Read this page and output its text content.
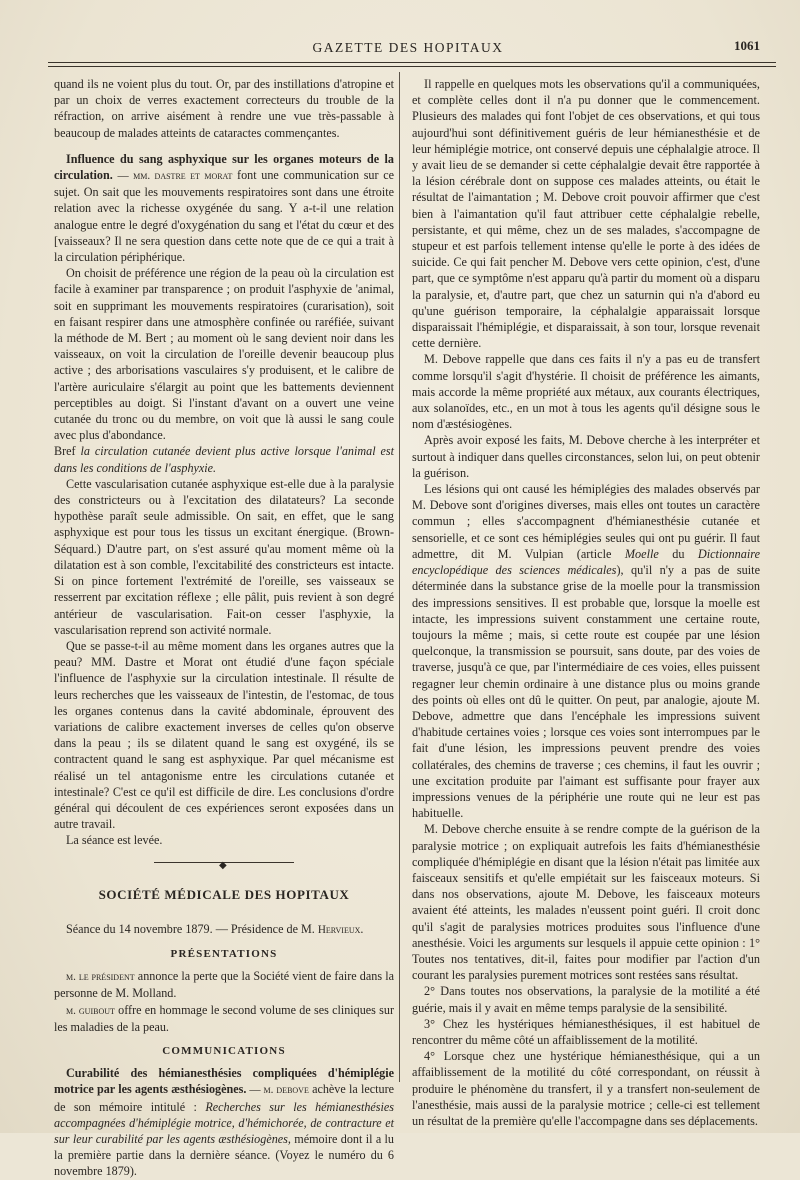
GAZETTE DES HOPITAUX	1061

quand ils ne voient plus du tout. Or, par des instillations d'atropine et par un choix de verres exactement correcteurs du trouble de la réfraction, on arrive aisément à rendre une vue très-passable à beaucoup de malades atteints de cataractes commençantes.

Influence du sang asphyxique sur les organes moteurs de la circulation. — mm. dastre et morat font une communication sur ce sujet. On sait que les mouvements respiratoires sont dans une étroite relation avec la richesse oxygénée du sang. Y a-t-il une relation analogue entre le degré d'oxygénation du sang et l'état du cœur et des [vaisseaux? Il ne sera question dans cette note que de ce qui a trait à la circulation périphérique.

On choisit de préférence une région de la peau où la circulation est facile à examiner par transparence ; on produit l'asphyxie de 'animal, soit en supprimant les mouvements respiratoires (curarisation), soit en faisant respirer dans une atmosphère confinée ou raréfiée, suivant la méthode de M. Bert ; au moment où le sang devient noir dans les vaisseaux, on voit la circulation de l'oreille devenir beaucoup plus active ; des arborisations vasculaires s'y produisent, et le calibre de l'artère auriculaire s'élargit au point que les battements deviennent perceptibles au doigt. Si l'instant d'avant on a ouvert une veine cutanée du tronc ou du membre, on voit que là aussi le sang coule avec plus d'abondance.

Bref la circulation cutanée devient plus active lorsque l'animal est dans les conditions de l'asphyxie.

Cette vascularisation cutanée asphyxique est-elle due à la paralysie des constricteurs ou à l'excitation des dilatateurs? La seconde hypothèse paraît seule admissible. On sait, en effet, que le sang asphyxique est pour tous les tissus un excitant énergique. (Brown-Séquard.) D'autre part, on s'est assuré qu'au moment même où la dilatation est à son comble, l'excitabilité des constricteurs est intacte. Si on pince fortement l'extrémité de l'oreille, ses vaisseaux se resserrent par excitation réflexe ; elle pâlit, puis revient à son degré antérieur de vascularisation. Fait-on cesser l'asphyxie, la vascularisation reprend son activité normale.

Que se passe-t-il au même moment dans les organes autres que la peau? MM. Dastre et Morat ont étudié d'une façon spéciale l'influence de l'asphyxie sur la circulation intestinale. Il résulte de leurs recherches que les vaisseaux de l'intestin, de l'estomac, de tous les organes contenus dans la cavité abdominale, éprouvent des variations de calibre exactement inverses de celles qu'on observe dans la peau ; ils se dilatent quand le sang est oxygéné, ils se contractent quand le sang est asphyxique. Par quel mécanisme est réalisé un tel antagonisme entre les circulations cutanée et intestinale? C'est ce qu'il est difficile de dire. Les conclusions d'ordre général qui découlent de ces expériences seront exposées dans un autre travail.

La séance est levée.

◆
SOCIÉTÉ MÉDICALE DES HOPITAUX

Séance du 14 novembre 1879. — Présidence de M. Hervieux.

PRÉSENTATIONS

m. le président annonce la perte que la Société vient de faire dans la personne de M. Molland.

m. guibout offre en hommage le second volume de ses cliniques sur les maladies de la peau.

COMMUNICATIONS

Curabilité des hémianesthésies compliquées d'hémiplégie motrice par les agents æsthésiogènes. — m. debove achève la lecture de son mémoire intitulé : Recherches sur les hémianesthésies accompagnées d'hémiplégie motrice, d'hémichorée, de contracture et sur leur curabilité par les agents æsthésiogènes, mémoire dont il a lu la première partie dans la dernière séance. (Voyez le numéro du 6 novembre 1879).

Il rappelle en quelques mots les observations qu'il a communiquées, et complète celles dont il n'a pu donner que le commencement. Plusieurs des malades qui font l'objet de ces observations, et qui tous aujourd'hui sont définitivement guéris de leur hémianesthésie et de leur hémiplégie motrice, ont conservé depuis une céphalalgie atroce. Il y avait lieu de se demander si cette céphalalgie devait être rapportée à la lésion cérébrale dont on suppose ces malades atteints, ou était le résultat de l'aimantation ; M. Debove croit pouvoir affirmer que c'est bien à l'aimantation qu'il faut attribuer cette céphalalgie rebelle, persistante, et qui même, chez un de ses malades, s'accompagne de stupeur et est parfois tellement intense qu'elle le porte à des idées de suicide. Ce qui fait pencher M. Debove vers cette opinion, c'est, d'une part, que ce symptôme n'est apparu qu'à partir du moment où a disparu la paralysie, et, d'autre part, que chez un saturnin qui n'a d'abord eu qu'une guérison temporaire, la céphalalgie apparaissait lorsque disparaissait l'hémiplégie, et disparaissait, à son tour, lorsque revenait cette dernière.

M. Debove rappelle que dans ces faits il n'y a pas eu de transfert comme lorsqu'il s'agit d'hystérie. Il choisit de préférence les aimants, mais accorde la même propriété aux métaux, aux courants électriques, aux solanoïdes, etc., en un mot à tous les agents qu'il désigne sous le nom d'æstésiogènes.

Après avoir exposé les faits, M. Debove cherche à les interpréter et surtout à indiquer dans quelles circonstances, selon lui, on peut obtenir la guérison.

Les lésions qui ont causé les hémiplégies des malades observés par M. Debove sont d'origines diverses, mais elles ont toutes un caractère commun ; elles s'accompagnent d'hémianesthésie cutanée et sensorielle, et ce sont ces hémiplégies seules qui ont pu guérir. Il faut admettre, dit M. Vulpian (article Moelle du Dictionnaire encyclopédique des sciences médicales), qu'il n'y a pas de suite déterminée dans la substance grise de la moelle pour la transmission des impressions sensitives. Il est probable que, lorsque la moelle est intacte, les impressions suivent constamment une certaine route, toujours la même ; mais, si cette route est coupée par une lésion quelconque, la transmission se poursuit, sans doute, par des voies de traverse, jusqu'à ce que, par l'intermédiaire de ces voies, elles puissent regagner leur chemin ordinaire à une distance plus ou moins grande des points où elles ont dû le quitter. On peut, par analogie, ajoute M. Debove, admettre que dans l'encéphale les impressions suivent d'habitude certaines voies ; lorsque ces voies sont interrompues par le fait d'une lésion, les impressions peuvent prendre des voies collatérales, des chemins de traverse ; ces chemins, il faut les ouvrir ; une excitation produite par l'aimant est suffisante pour frayer aux impressions venues de la périphérie une route qui ne leur est pas habituelle.

M. Debove cherche ensuite à se rendre compte de la guérison de la paralysie motrice ; on expliquait autrefois les faits d'hémianesthésie compliquée d'hémiplégie en disant que la lésion n'était pas limitée aux faisceaux sensitifs et qu'elle empiétait sur les faisceaux moteurs. Si dans nos observations, ajoute M. Debove, les faisceaux moteurs avaient été atteints, les malades n'eussent point guéri. Il croit donc qu'il s'agit de paralysies motrices produites sous l'influence d'une anesthésie. Voici les arguments sur lesquels il appuie cette opinion : 1° Toutes nos tentatives, dit-il, faites pour modifier par l'action d'un courant les paralysies purement motrices sont restées sans résultat.

2° Dans toutes nos observations, la paralysie de la motilité a été guérie, mais il y avait en même temps paralysie de la sensibilité.

3° Chez les hystériques hémianesthésiques, il est habituel de rencontrer du même côté un affaiblissement de la motilité.

4° Lorsque chez une hystérique hémianesthésique, qui a un affaiblissement de la motilité du côté correspondant, on réussit à produire le phénomène du transfert, il y a transfert non-seulement de l'anesthésie, mais aussi de la paralysie motrice ; celle-ci est tellement un résultat de la première qu'elle l'accompagne dans ses déplacements.
